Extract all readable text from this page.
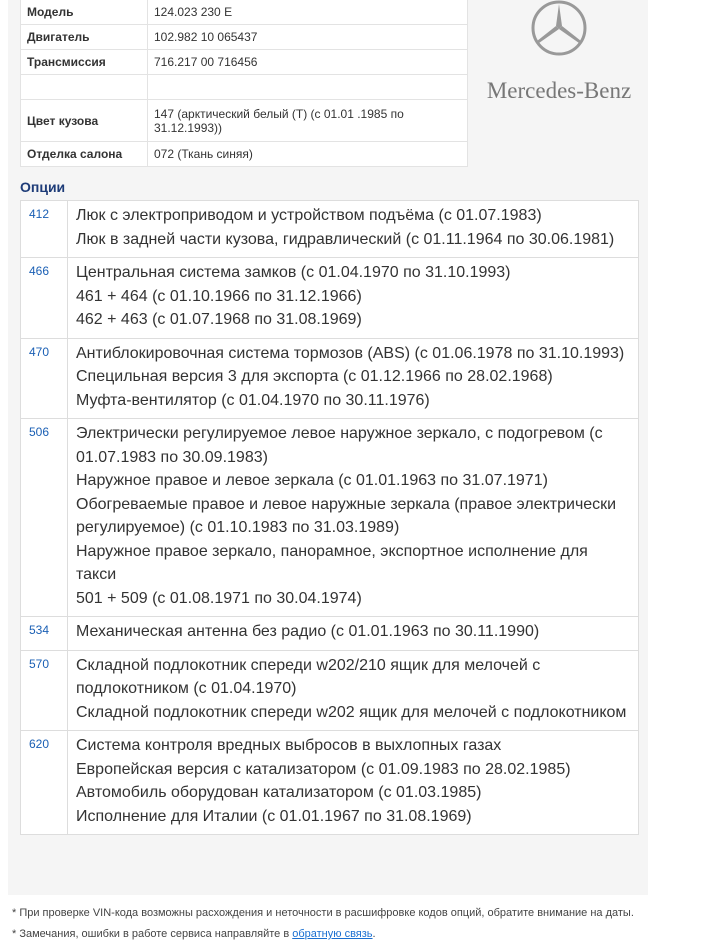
Модель	124.023 230 E
Двигатель	102.982 10 065437
Трансмиссия	716.217 00 716456

Цвет кузова	147 (арктический белый (T) (с 01.01 .1985 по 31.12.1993))
Отделка салона	072 (Ткань синяя)
Mercedes-Benz
Опции
412	Люк с электроприводом и устройством подъёма (с 01.07.1983)
Люк в задней части кузова, гидравлический (с 01.11.1964 по 30.06.1981)

466	Центральная система замков (с 01.04.1970 по 31.10.1993)
461 + 464 (с 01.10.1966 по 31.12.1966)
462 + 463 (с 01.07.1968 по 31.08.1969)

470	Антиблокировочная система тормозов (ABS) (с 01.06.1978 по 31.10.1993)
Специльная версия 3 для экспорта (с 01.12.1966 по 28.02.1968)
Муфта-вентилятор (с 01.04.1970 по 30.11.1976)

506	Электрически регулируемое левое наружное зеркало, с подогревом (с 01.07.1983 по 30.09.1983)
Наружное правое и левое зеркала (с 01.01.1963 по 31.07.1971)
Обогреваемые правое и левое наружные зеркала (правое электрически регулируемое) (с 01.10.1983 по 31.03.1989)
Наружное правое зеркало, панорамное, экспортное исполнение для такси
501 + 509 (с 01.08.1971 по 30.04.1974)

534	Механическая антенна без радио (с 01.01.1963 по 30.11.1990)

570	Складной подлокотник спереди w202/210 ящик для мелочей с подлокотником (с 01.04.1970)
Складной подлокотник спереди w202 ящик для мелочей с подлокотником

620	Система контроля вредных выбросов в выхлопных газах
Европейская версия с катализатором (с 01.09.1983 по 28.02.1985)
Автомобиль оборудован катализатором (с 01.03.1985)
Исполнение для Италии (с 01.01.1967 по 31.08.1969)
* При проверке VIN-кода возможны расхождения и неточности в расшифровке кодов опций, обратите внимание на даты.
* Замечания, ошибки в работе сервиса направляйте в обратную связь.
